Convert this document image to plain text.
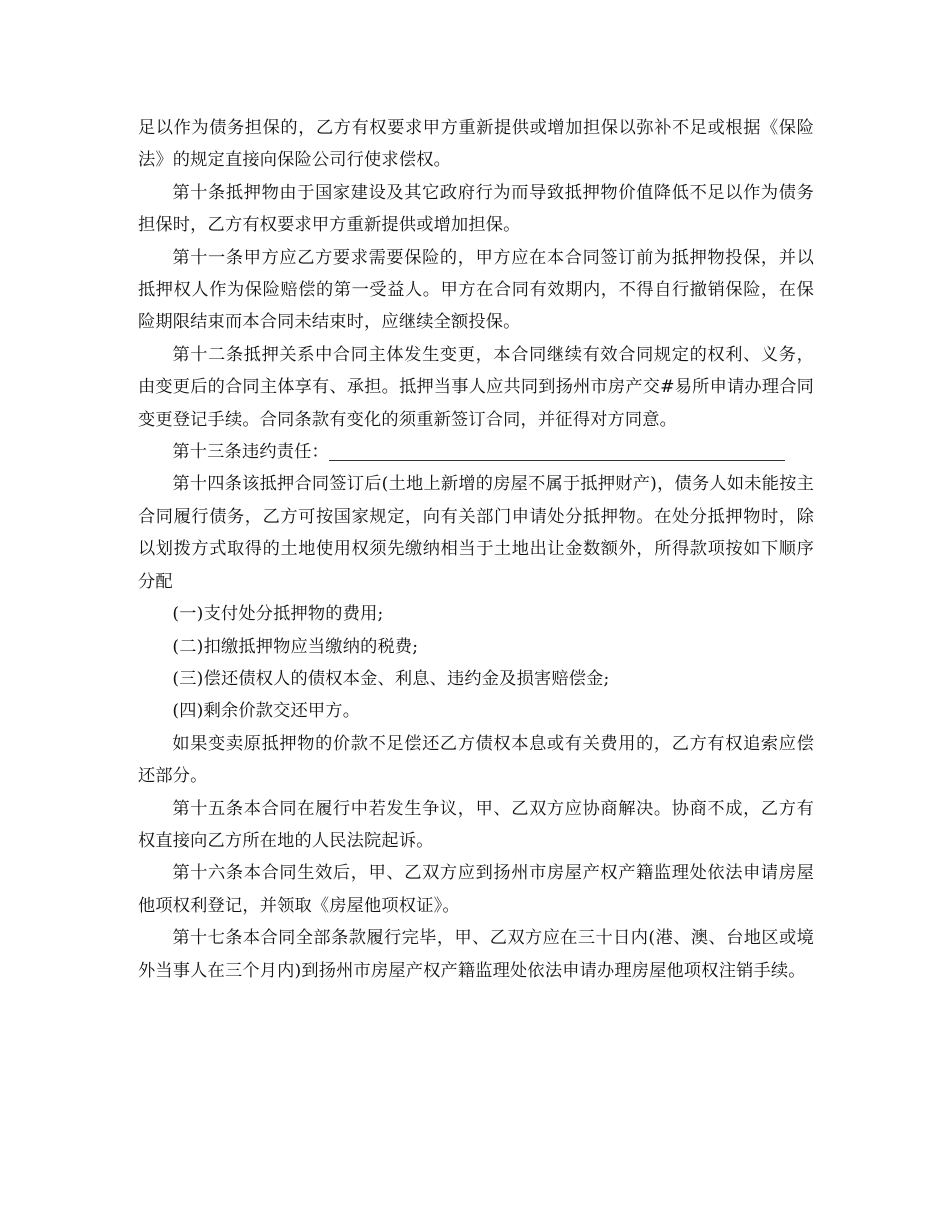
足以作为债务担保的，乙方有权要求甲方重新提供或增加担保以弥补不足或根据《保险法》的规定直接向保险公司行使求偿权。

第十条抵押物由于国家建设及其它政府行为而导致抵押物价值降低不足以作为债务担保时，乙方有权要求甲方重新提供或增加担保。

第十一条甲方应乙方要求需要保险的，甲方应在本合同签订前为抵押物投保，并以抵押权人作为保险赔偿的第一受益人。甲方在合同有效期内，不得自行撤销保险，在保险期限结束而本合同未结束时，应继续全额投保。

第十二条抵押关系中合同主体发生变更，本合同继续有效合同规定的权利、义务，由变更后的合同主体享有、承担。抵押当事人应共同到扬州市房产交#易所申请办理合同变更登记手续。合同条款有变化的须重新签订合同，并征得对方同意。

第十三条违约责任：

第十四条该抵押合同签订后(土地上新增的房屋不属于抵押财产)，债务人如未能按主合同履行债务，乙方可按国家规定，向有关部门申请处分抵押物。在处分抵押物时，除以划拨方式取得的土地使用权须先缴纳相当于土地出让金数额外，所得款项按如下顺序分配

(一)支付处分抵押物的费用;

(二)扣缴抵押物应当缴纳的税费;

(三)偿还债权人的债权本金、利息、违约金及损害赔偿金;

(四)剩余价款交还甲方。

如果变卖原抵押物的价款不足偿还乙方债权本息或有关费用的，乙方有权追索应偿还部分。

第十五条本合同在履行中若发生争议，甲、乙双方应协商解决。协商不成，乙方有权直接向乙方所在地的人民法院起诉。

第十六条本合同生效后，甲、乙双方应到扬州市房屋产权产籍监理处依法申请房屋他项权利登记，并领取《房屋他项权证》。

第十七条本合同全部条款履行完毕，甲、乙双方应在三十日内(港、澳、台地区或境外当事人在三个月内)到扬州市房屋产权产籍监理处依法申请办理房屋他项权注销手续。
